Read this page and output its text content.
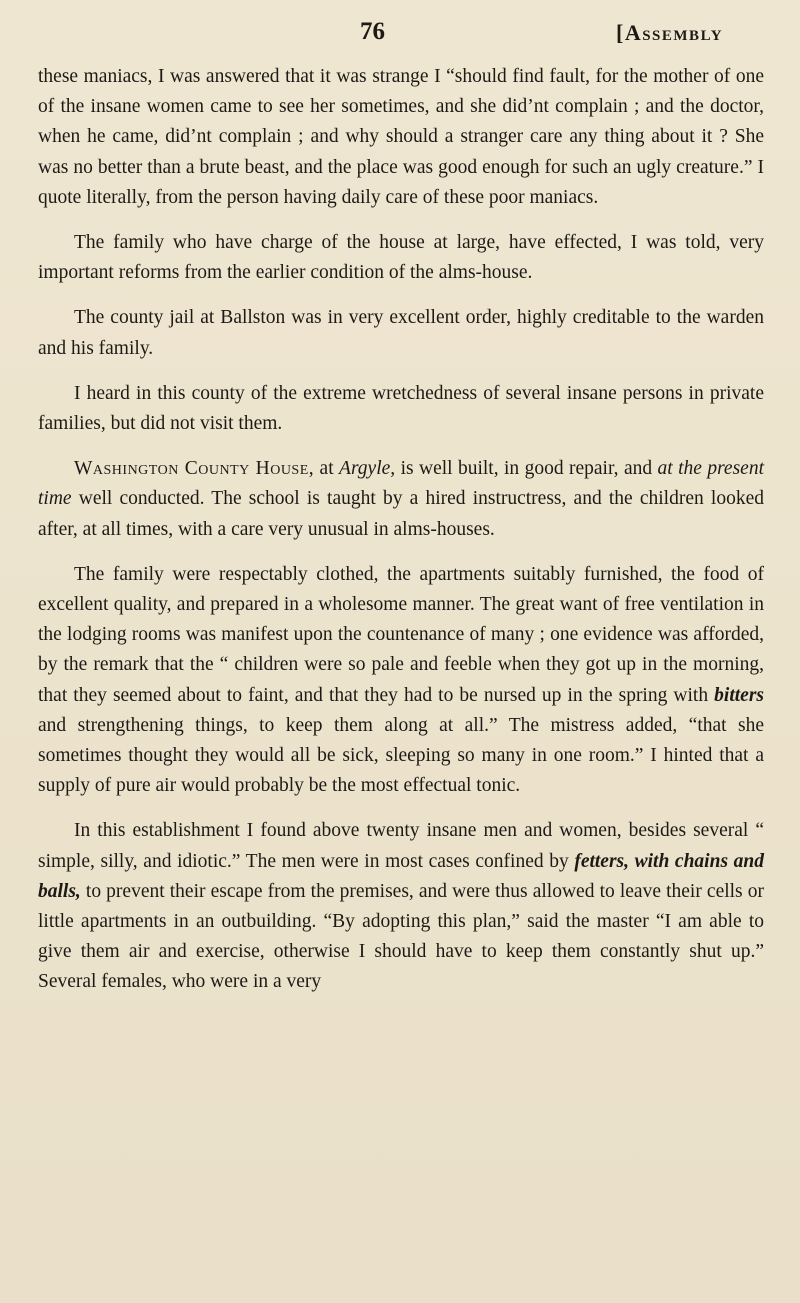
76	[Assembly

these maniacs, I was answered that it was strange I “should find fault, for the mother of one of the insane women came to see her sometimes, and she did’nt complain ; and the doctor, when he came, did’nt complain ; and why should a stranger care any thing about it ? She was no better than a brute beast, and the place was good enough for such an ugly creature.” I quote literally, from the person having daily care of these poor maniacs.

The family who have charge of the house at large, have effected, I was told, very important reforms from the earlier condition of the alms-house.

The county jail at Ballston was in very excellent order, highly creditable to the warden and his family.

I heard in this county of the extreme wretchedness of several insane persons in private families, but did not visit them.

Washington County House, at Argyle, is well built, in good repair, and at the present time well conducted. The school is taught by a hired instructress, and the children looked after, at all times, with a care very unusual in alms-houses.

The family were respectably clothed, the apartments suitably furnished, the food of excellent quality, and prepared in a wholesome manner. The great want of free ventilation in the lodging rooms was manifest upon the countenance of many ; one evidence was afforded, by the remark that the “ children were so pale and feeble when they got up in the morning, that they seemed about to faint, and that they had to be nursed up in the spring with bitters and strengthening things, to keep them along at all.” The mistress added, “that she sometimes thought they would all be sick, sleeping so many in one room.” I hinted that a supply of pure air would probably be the most effectual tonic.

In this establishment I found above twenty insane men and women, besides several “ simple, silly, and idiotic.” The men were in most cases confined by fetters, with chains and balls, to prevent their escape from the premises, and were thus allowed to leave their cells or little apartments in an outbuilding. “By adopting this plan,” said the master “I am able to give them air and exercise, otherwise I should have to keep them constantly shut up.” Several females, who were in a very
